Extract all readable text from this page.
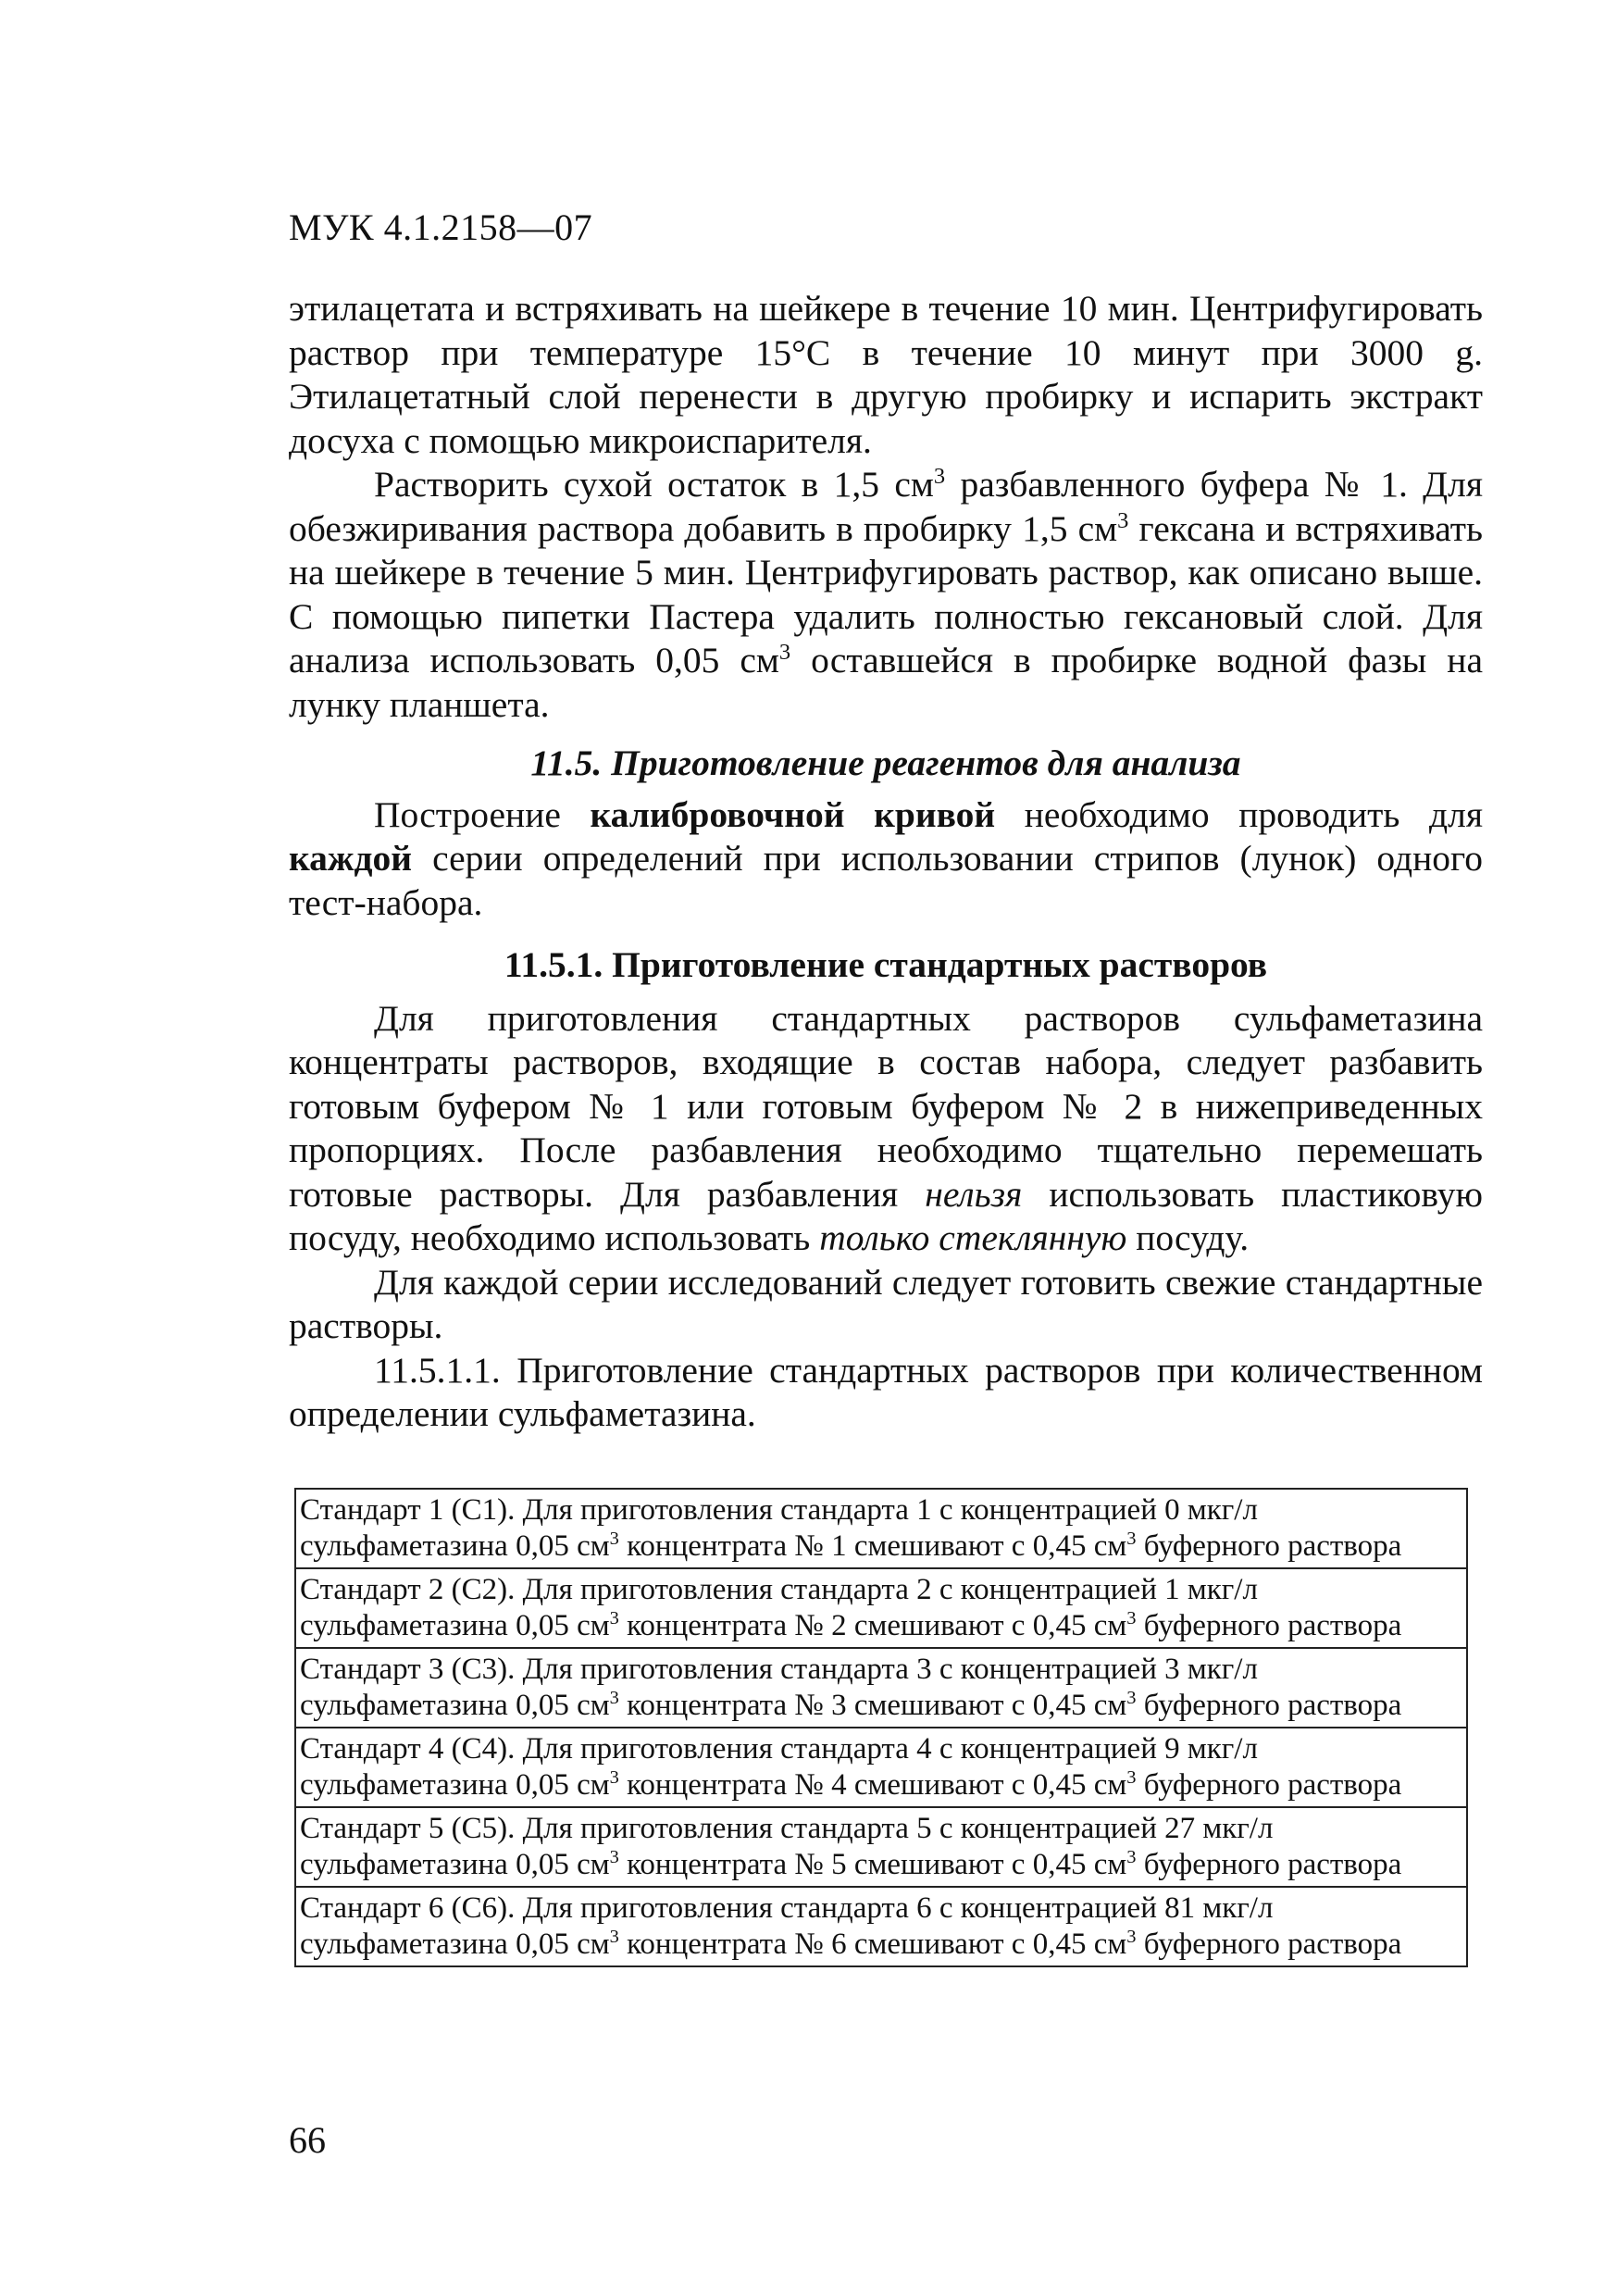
МУК 4.1.2158—07

этилацетата и встряхивать на шейкере в течение 10 мин. Центрифугировать раствор при температуре 15°С в течение 10 минут при 3000 g. Этилацетатный слой перенести в другую пробирку и испарить экстракт досуха с помощью микроиспарителя.

Растворить сухой остаток в 1,5 $см^3$ разбавленного буфера № 1. Для обезжиривания раствора добавить в пробирку 1,5 $см^3$ гексана и встряхивать на шейкере в течение 5 мин. Центрифугировать раствор, как описано выше. С помощью пипетки Пастера удалить полностью гексановый слой. Для анализа использовать 0,05 $см^3$ оставшейся в пробирке водной фазы на лунку планшета.

11.5. Приготовление реагентов для анализа

Построение калибровочной кривой необходимо проводить для каждой серии определений при использовании стрипов (лунок) одного тест-набора.

11.5.1. Приготовление стандартных растворов

Для приготовления стандартных растворов сульфаметазина концентраты растворов, входящие в состав набора, следует разбавить готовым буфером № 1 или готовым буфером № 2 в нижеприведенных пропорциях. После разбавления необходимо тщательно перемешать готовые растворы. Для разбавления нельзя использовать пластиковую посуду, необходимо использовать только стеклянную посуду.

Для каждой серии исследований следует готовить свежие стандартные растворы.

11.5.1.1. Приготовление стандартных растворов при количественном определении сульфаметазина.

Стандарт 1 (С1). Для приготовления стандарта 1 с концентрацией 0 мкг/л сульфаметазина 0,05 $см^3$ концентрата № 1 смешивают с 0,45 $см^3$ буферного раствора
Стандарт 2 (С2). Для приготовления стандарта 2 с концентрацией 1 мкг/л сульфаметазина 0,05 $см^3$ концентрата № 2 смешивают с 0,45 $см^3$ буферного раствора
Стандарт 3 (С3). Для приготовления стандарта 3 с концентрацией 3 мкг/л сульфаметазина 0,05 $см^3$ концентрата № 3 смешивают с 0,45 $см^3$ буферного раствора
Стандарт 4 (С4). Для приготовления стандарта 4 с концентрацией 9 мкг/л сульфаметазина 0,05 $см^3$ концентрата № 4 смешивают с 0,45 $см^3$ буферного раствора
Стандарт 5 (С5). Для приготовления стандарта 5 с концентрацией 27 мкг/л сульфаметазина 0,05 $см^3$ концентрата № 5 смешивают с 0,45 $см^3$ буферного раствора
Стандарт 6 (С6). Для приготовления стандарта 6 с концентрацией 81 мкг/л сульфаметазина 0,05 $см^3$ концентрата № 6 смешивают с 0,45 $см^3$ буферного раствора
66
